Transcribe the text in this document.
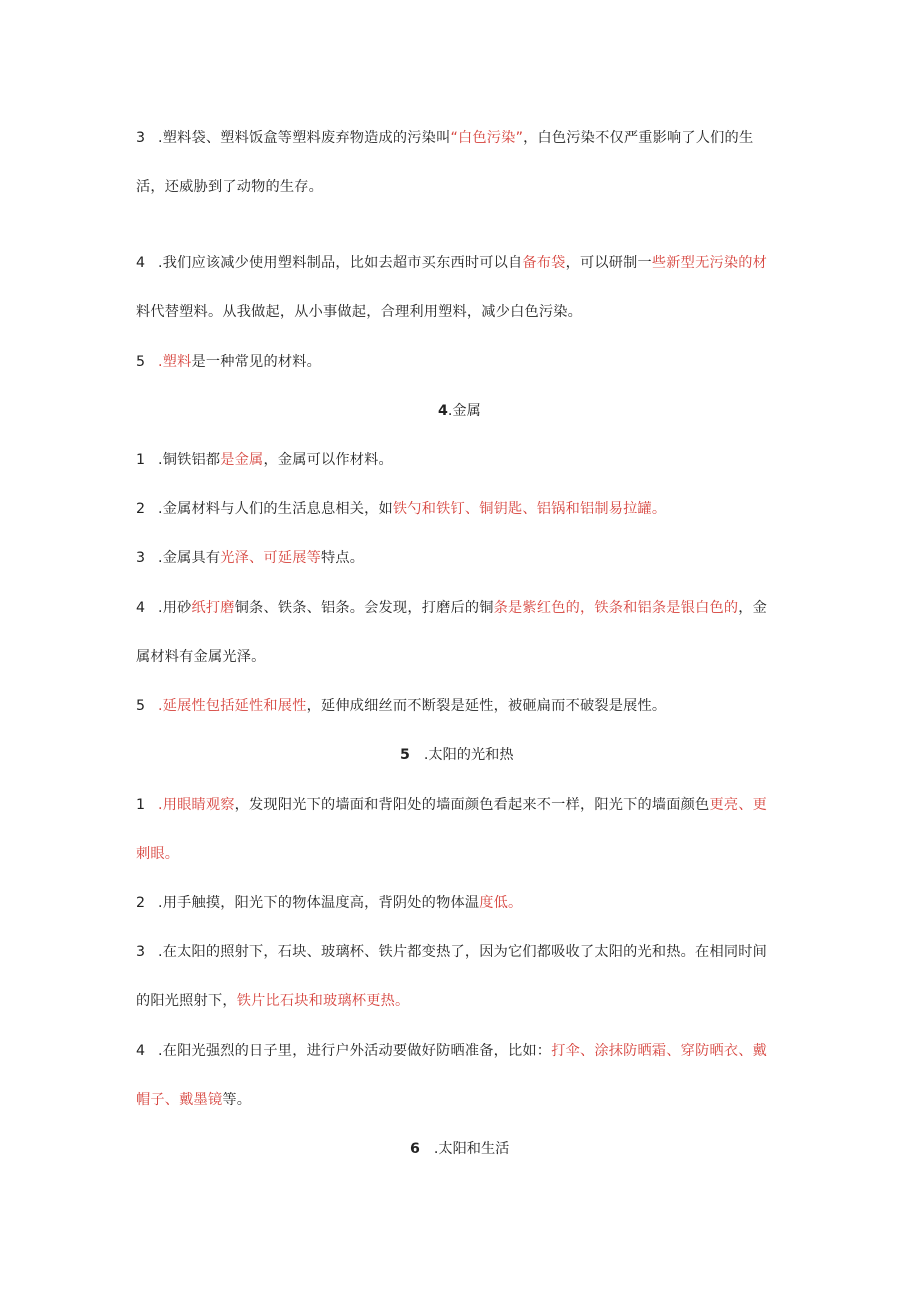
3 .塑料袋、塑料饭盒等塑料废弃物造成的污染叫“白色污染”，白色污染不仅严重影响了人们的生
活，还威胁到了动物的生存。
4 .我们应该减少使用塑料制品，比如去超市买东西时可以自备布袋，可以研制一些新型无污染的材
料代替塑料。从我做起，从小事做起，合理利用塑料，减少白色污染。
5 .塑料是一种常见的材料。
4.金属
1 .铜铁铝都是金属，金属可以作材料。
2 .金属材料与人们的生活息息相关，如铁勺和铁钉、铜钥匙、铝锅和铝制易拉罐。
3 .金属具有光泽、可延展等特点。
4 .用砂纸打磨铜条、铁条、铝条。会发现，打磨后的铜条是紫红色的，铁条和铝条是银白色的，金
属材料有金属光泽。
5 .延展性包括延性和展性，延伸成细丝而不断裂是延性，被砸扁而不破裂是展性。
5 .太阳的光和热
1 .用眼睛观察，发现阳光下的墙面和背阳处的墙面颜色看起来不一样，阳光下的墙面颜色更亮、更
刺眼。
2 .用手触摸，阳光下的物体温度高，背阴处的物体温度低。
3 .在太阳的照射下，石块、玻璃杯、铁片都变热了，因为它们都吸收了太阳的光和热。在相同时间
的阳光照射下，铁片比石块和玻璃杯更热。
4 .在阳光强烈的日子里，进行户外活动要做好防晒准备，比如：打伞、涂抹防晒霜、穿防晒衣、戴
帽子、戴墨镜等。
6 .太阳和生活
